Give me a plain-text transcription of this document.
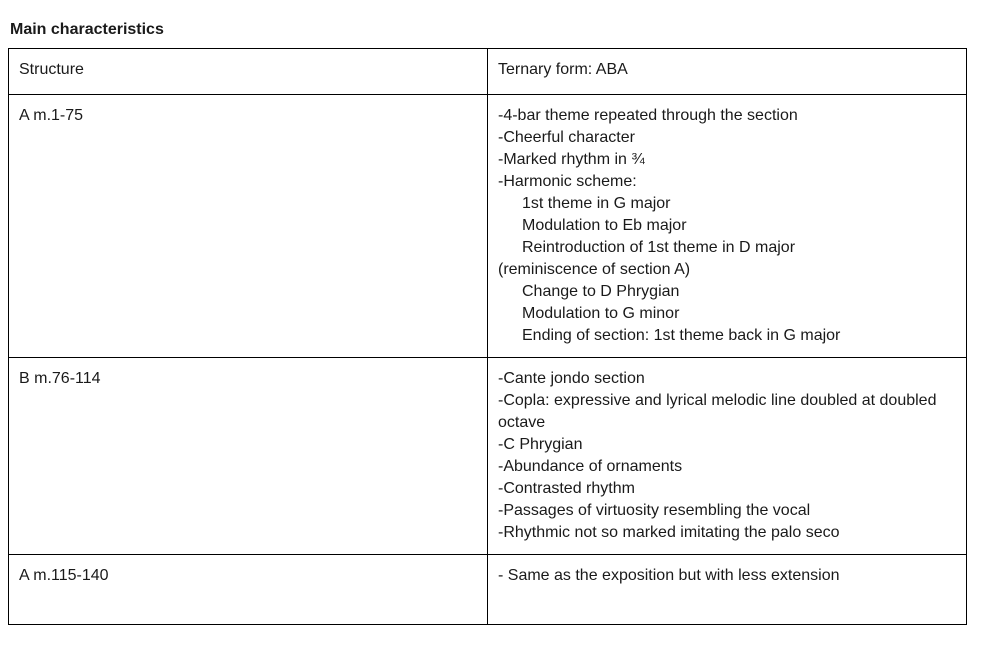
Main characteristics

Structure	Ternary form: ABA

A m.1-75	-4-bar theme repeated through the section
-Cheerful character
-Marked rhythm in ¾
-Harmonic scheme:
1st theme in G major
Modulation to Eb major
Reintroduction of 1st theme in D major
(reminiscence of section A)
Change to D Phrygian
Modulation to G minor
Ending of section: 1st theme back in G major

B m.76-114	-Cante jondo section
-Copla: expressive and lyrical melodic line doubled at doubled octave
-C Phrygian
-Abundance of ornaments
-Contrasted rhythm
-Passages of virtuosity resembling the vocal
-Rhythmic not so marked imitating the palo seco

A m.115-140	- Same as the exposition but with less extension
